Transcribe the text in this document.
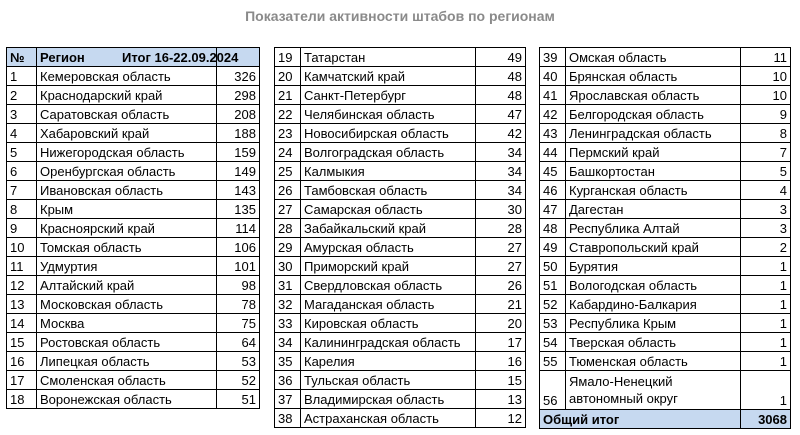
Показатели активности штабов по регионам
№	Регион Итог 16-22.09.2024	

1	Кемеровская область	326
2	Краснодарский край	298
3	Саратовская область	208
4	Хабаровский край	188
5	Нижегородская область	159
6	Оренбургская область	149
7	Ивановская область	143
8	Крым	135
9	Красноярский край	114
10	Томская область	106
11	Удмуртия	101
12	Алтайский край	98
13	Московская область	78
14	Москва	75
15	Ростовская область	64
16	Липецкая область	53
17	Смоленская область	52
18	Воронежская область	51
19	Татарстан	49
20	Камчатский край	48
21	Санкт-Петербург	48
22	Челябинская область	47
23	Новосибирская область	42
24	Волгоградская область	34
25	Калмыкия	34
26	Тамбовская область	34
27	Самарская область	30
28	Забайкальский край	28
29	Амурская область	27
30	Приморский край	27
31	Свердловская область	26
32	Магаданская область	21
33	Кировская область	20
34	Калининградская область	17
35	Карелия	16
36	Тульская область	15
37	Владимирская область	13
38	Астраханская область	12
39	Омская область	11
40	Брянская область	10
41	Ярославская область	10
42	Белгородская область	9
43	Ленинградская область	8
44	Пермский край	7
45	Башкортостан	5
46	Курганская область	4
47	Дагестан	3
48	Республика Алтай	3
49	Ставропольский край	2
50	Бурятия	1
51	Вологодская область	1
52	Кабардино-Балкария	1
53	Республика Крым	1
54	Тверская область	1
55	Тюменская область	1
56	Ямало-Ненецкий автономный округ	1
Общий итог		3068
